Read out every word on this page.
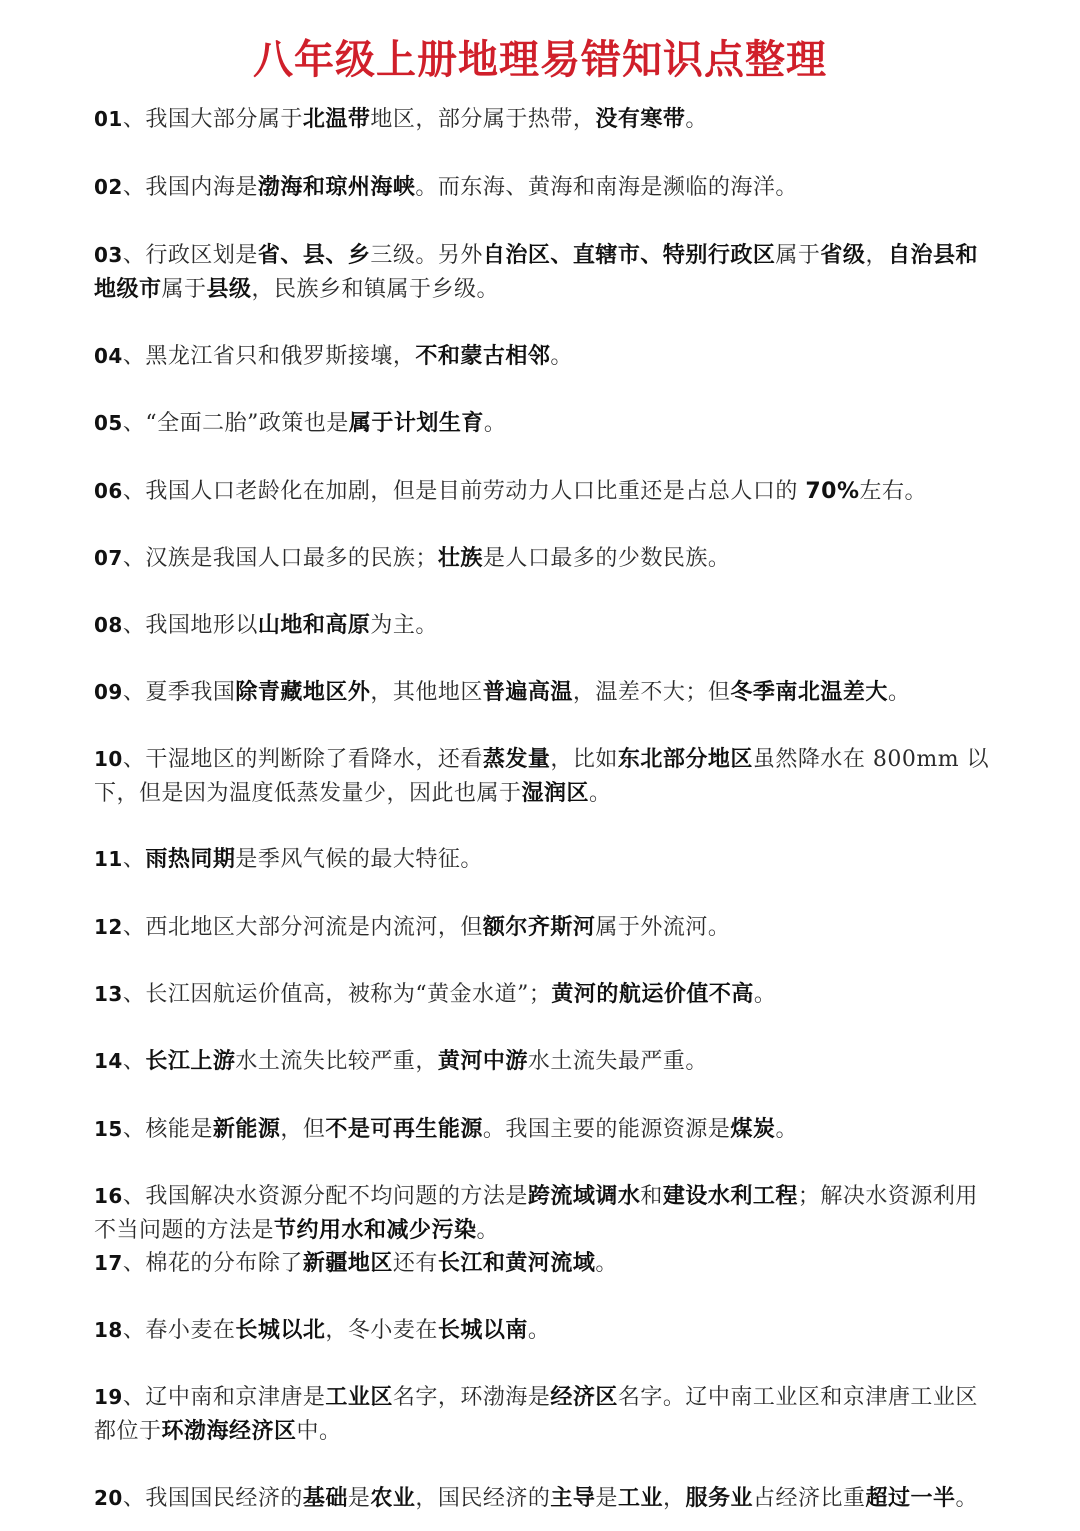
八年级上册地理易错知识点整理
01、我国大部分属于北温带地区，部分属于热带，没有寒带。
02、我国内海是渤海和琼州海峡。而东海、黄海和南海是濒临的海洋。
03、行政区划是省、县、乡三级。另外自治区、直辖市、特别行政区属于省级，自治县和地级市属于县级，民族乡和镇属于乡级。
04、黑龙江省只和俄罗斯接壤，不和蒙古相邻。
05、“全面二胎”政策也是属于计划生育。
06、我国人口老龄化在加剧，但是目前劳动力人口比重还是占总人口的 70%左右。
07、汉族是我国人口最多的民族；壮族是人口最多的少数民族。
08、我国地形以山地和高原为主。
09、夏季我国除青藏地区外，其他地区普遍高温，温差不大；但冬季南北温差大。
10、干湿地区的判断除了看降水，还看蒸发量，比如东北部分地区虽然降水在 800mm 以下，但是因为温度低蒸发量少，因此也属于湿润区。
11、雨热同期是季风气候的最大特征。
12、西北地区大部分河流是内流河，但额尔齐斯河属于外流河。
13、长江因航运价值高，被称为“黄金水道”；黄河的航运价值不高。
14、长江上游水土流失比较严重，黄河中游水土流失最严重。
15、核能是新能源，但不是可再生能源。我国主要的能源资源是煤炭。
16、我国解决水资源分配不均问题的方法是跨流域调水和建设水利工程；解决水资源利用不当问题的方法是节约用水和减少污染。
17、棉花的分布除了新疆地区还有长江和黄河流域。
18、春小麦在长城以北，冬小麦在长城以南。
19、辽中南和京津唐是工业区名字，环渤海是经济区名字。辽中南工业区和京津唐工业区都位于环渤海经济区中。
20、我国国民经济的基础是农业，国民经济的主导是工业，服务业占经济比重超过一半。
